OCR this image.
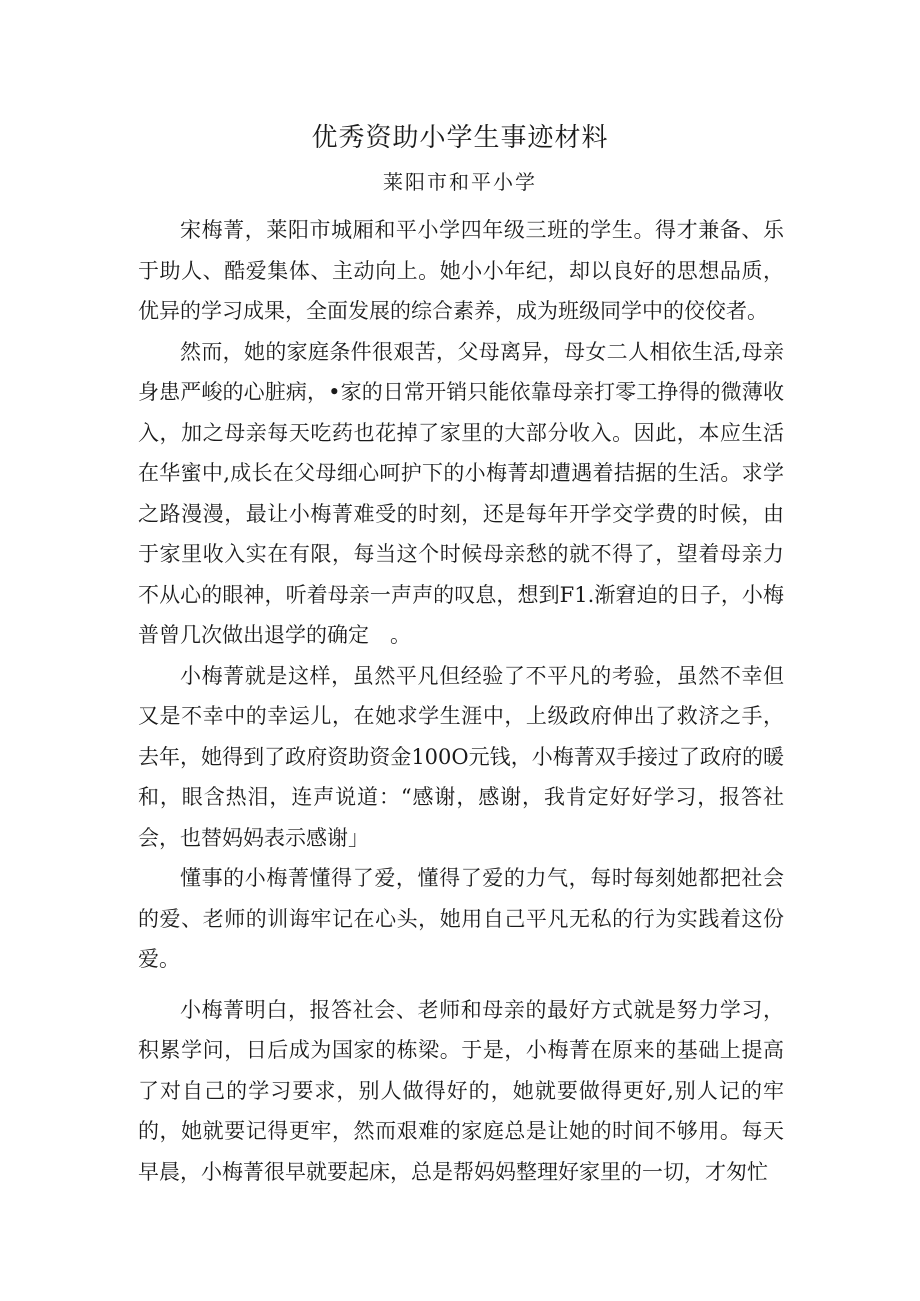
优秀资助小学生事迹材料
莱阳市和平小学

宋梅菁，莱阳市城厢和平小学四年级三班的学生。得才兼备、乐于助人、酷爱集体、主动向上。她小小年纪，却以良好的思想品质，优异的学习成果，全面发展的综合素养，成为班级同学中的佼佼者。

然而，她的家庭条件很艰苦，父母离异，母女二人相依生活,母亲身患严峻的心脏病，•家的日常开销只能依靠母亲打零工挣得的微薄收入，加之母亲每天吃药也花掉了家里的大部分收入。因此，本应生活在华蜜中,成长在父母细心呵护下的小梅菁却遭遇着拮据的生活。求学之路漫漫，最让小梅菁难受的时刻，还是每年开学交学费的时候，由于家里收入实在有限，每当这个时候母亲愁的就不得了，望着母亲力不从心的眼神，听着母亲一声声的叹息，想到F1.渐窘迫的日子，小梅普曾几次做出退学的确定　。

小梅菁就是这样，虽然平凡但经验了不平凡的考验，虽然不幸但又是不幸中的幸运儿，在她求学生涯中，上级政府伸出了救济之手，去年，她得到了政府资助资金100O元钱，小梅菁双手接过了政府的暖和，眼含热泪，连声说道：“感谢，感谢，我肯定好好学习，报答社会，也替妈妈表示感谢」

懂事的小梅菁懂得了爱，懂得了爱的力气，每时每刻她都把社会的爱、老师的训诲牢记在心头，她用自己平凡无私的行为实践着这份爱。

小梅菁明白，报答社会、老师和母亲的最好方式就是努力学习，积累学问，日后成为国家的栋梁。于是，小梅菁在原来的基础上提高了对自己的学习要求，别人做得好的，她就要做得更好,别人记的牢的，她就要记得更牢，然而艰难的家庭总是让她的时间不够用。每天早晨，小梅菁很早就要起床，总是帮妈妈整理好家里的一切，才匆忙
